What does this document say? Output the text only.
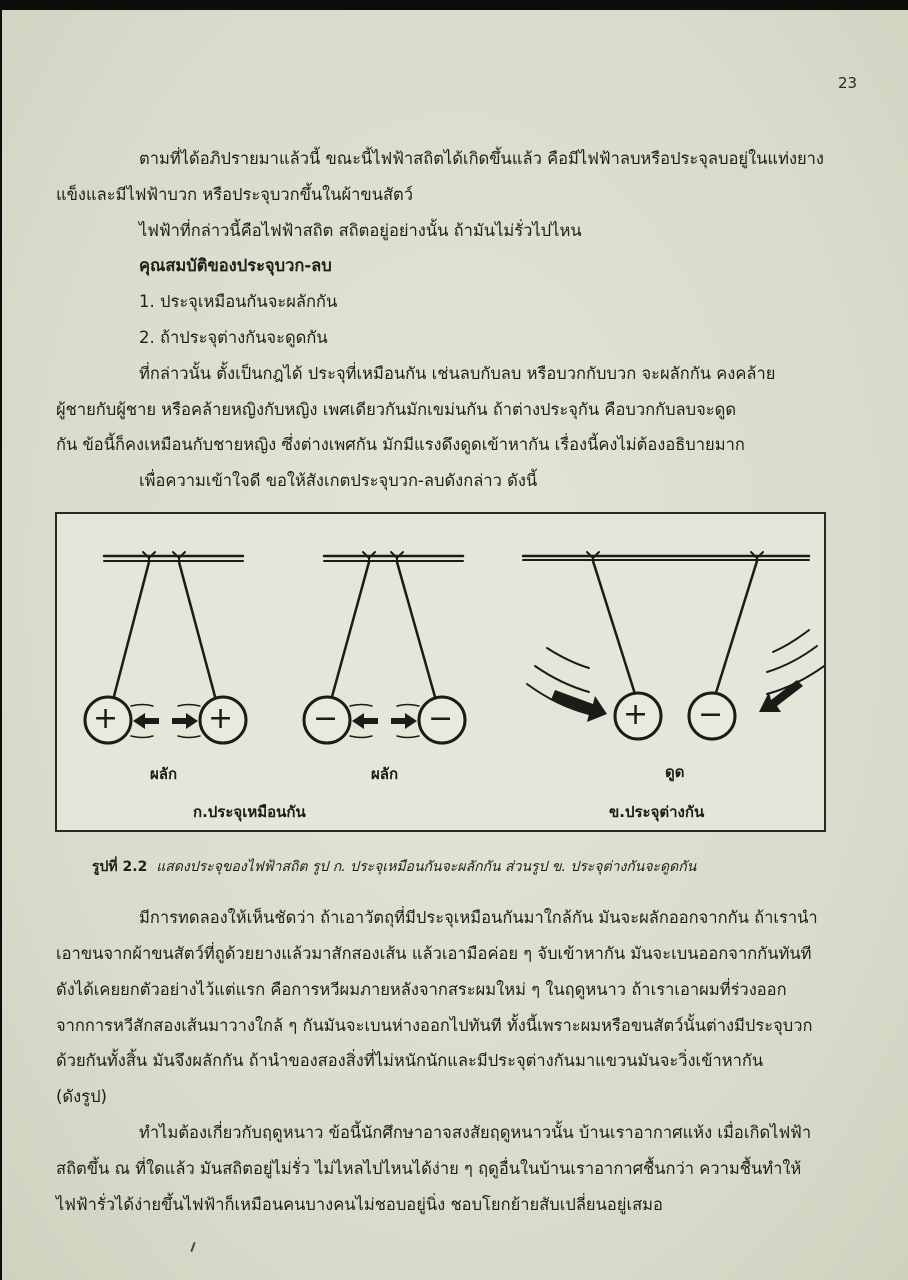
23
ตามที่ได้อภิปรายมาแล้วนี้ ขณะนี้ไฟฟ้าสถิตได้เกิดขึ้นแล้ว คือมีไฟฟ้าลบหรือประจุลบอยู่ในแท่งยาง
แข็งและมีไฟฟ้าบวก หรือประจุบวกขึ้นในผ้าขนสัตว์
ไฟฟ้าที่กล่าวนี้คือไฟฟ้าสถิต สถิตอยู่อย่างนั้น ถ้ามันไม่รั่วไปไหน
คุณสมบัติของประจุบวก-ลบ
1. ประจุเหมือนกันจะผลักกัน
2. ถ้าประจุต่างกันจะดูดกัน
ที่กล่าวนั้น ตั้งเป็นกฎได้ ประจุที่เหมือนกัน เช่นลบกับลบ หรือบวกกับบวก จะผลักกัน คงคล้าย
ผู้ชายกับผู้ชาย หรือคล้ายหญิงกับหญิง เพศเดียวกันมักเขม่นกัน ถ้าต่างประจุกัน คือบวกกับลบจะดูด
กัน ข้อนี้ก็คงเหมือนกับชายหญิง ซึ่งต่างเพศกัน มักมีแรงดึงดูดเข้าหากัน เรื่องนี้คงไม่ต้องอธิบายมาก
เพื่อความเข้าใจดี ขอให้สังเกตประจุบวก-ลบดังกล่าว ดังนี้
+	+	−	−	+ −
ผลัก	ผลัก	ดูด
ก.ประจุเหมือนกัน	ข.ประจุต่างกัน
รูปที่ 2.2 แสดงประจุของไฟฟ้าสถิต รูป ก. ประจุเหมือนกันจะผลักกัน ส่วนรูป ข. ประจุต่างกันจะดูดกัน
มีการทดลองให้เห็นชัดว่า ถ้าเอาวัตถุที่มีประจุเหมือนกันมาใกล้กัน มันจะผลักออกจากกัน ถ้าเรานำ
เอาขนจากผ้าขนสัตว์ที่ถูด้วยยางแล้วมาสักสองเส้น แล้วเอามือค่อย ๆ จับเข้าหากัน มันจะเบนออกจากกันทันที
ดังได้เคยยกตัวอย่างไว้แต่แรก คือการหวีผมภายหลังจากสระผมใหม่ ๆ ในฤดูหนาว ถ้าเราเอาผมที่ร่วงออก
จากการหวีสักสองเส้นมาวางใกล้ ๆ กันมันจะเบนห่างออกไปทันที ทั้งนี้เพราะผมหรือขนสัตว์นั้นต่างมีประจุบวก
ด้วยกันทั้งสิ้น มันจึงผลักกัน ถ้านำของสองสิ่งที่ไม่หนักนักและมีประจุต่างกันมาแขวนมันจะวิ่งเข้าหากัน
(ดังรูป)
ทำไมต้องเกี่ยวกับฤดูหนาว ข้อนี้นักศึกษาอาจสงสัยฤดูหนาวนั้น บ้านเราอากาศแห้ง เมื่อเกิดไฟฟ้า
สถิตขึ้น ณ ที่ใดแล้ว มันสถิตอยู่ไม่รั่ว ไม่ไหลไปไหนได้ง่าย ๆ ฤดูอื่นในบ้านเราอากาศชื้นกว่า ความชื้นทำให้
ไฟฟ้ารั่วได้ง่ายขึ้นไฟฟ้าก็เหมือนคนบางคนไม่ชอบอยู่นิ่ง ชอบโยกย้ายสับเปลี่ยนอยู่เสมอ
